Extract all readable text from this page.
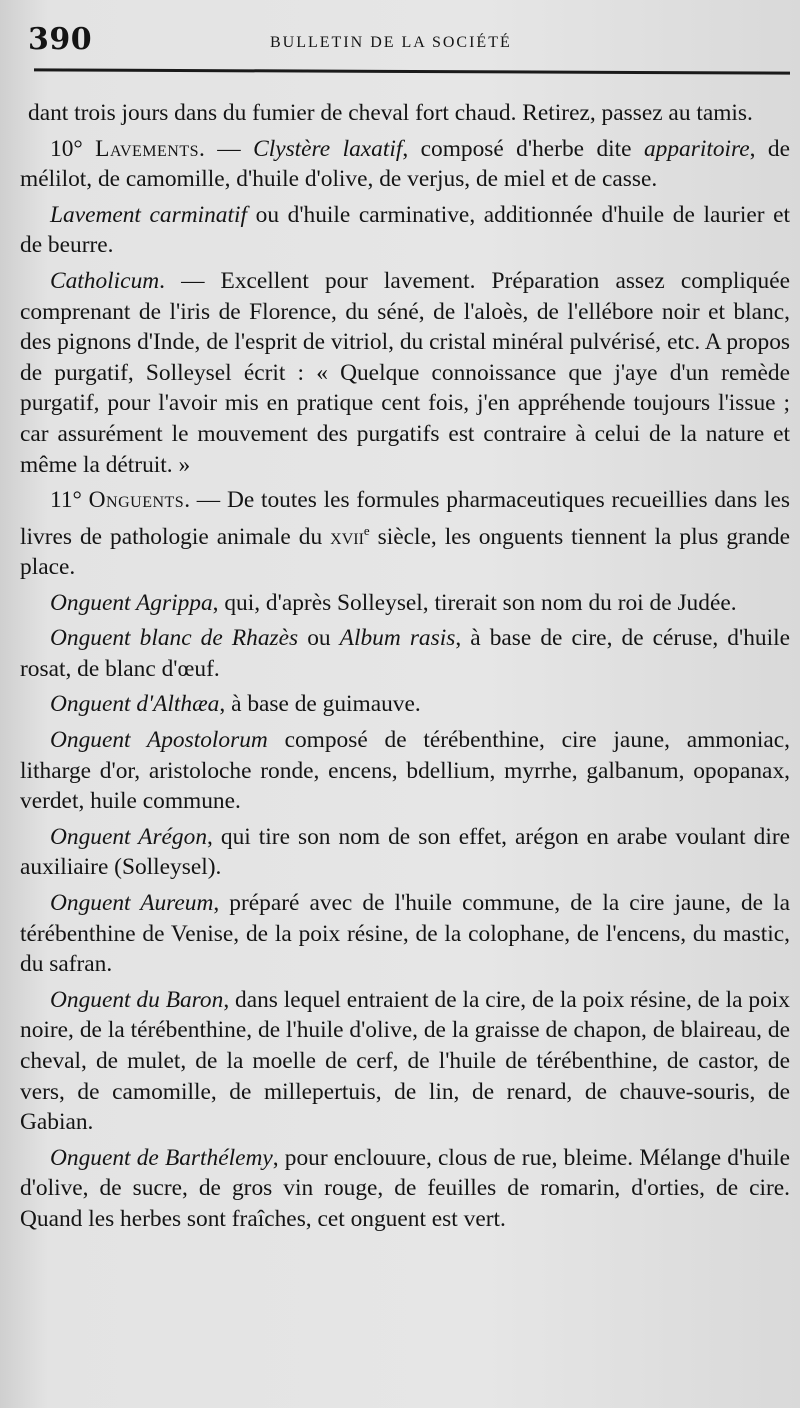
390	BULLETIN DE LA SOCIÉTÉ

dant trois jours dans du fumier de cheval fort chaud. Retirez, passez au tamis.

10° Lavements. — Clystère laxatif, composé d'herbe dite apparitoire, de mélilot, de camomille, d'huile d'olive, de verjus, de miel et de casse.

Lavement carminatif ou d'huile carminative, additionnée d'huile de laurier et de beurre.

Catholicum. — Excellent pour lavement. Préparation assez compliquée comprenant de l'iris de Florence, du séné, de l'aloès, de l'ellébore noir et blanc, des pignons d'Inde, de l'esprit de vitriol, du cristal minéral pulvérisé, etc. A propos de purgatif, Solleysel écrit : « Quelque connoissance que j'aye d'un remède purgatif, pour l'avoir mis en pratique cent fois, j'en appréhende toujours l'issue ; car assurément le mouvement des purgatifs est contraire à celui de la nature et même la détruit. »

11° Onguents. — De toutes les formules pharmaceutiques recueillies dans les livres de pathologie animale du xvii$^e$ siècle, les onguents tiennent la plus grande place.

Onguent Agrippa, qui, d'après Solleysel, tirerait son nom du roi de Judée.

Onguent blanc de Rhazès ou Album rasis, à base de cire, de céruse, d'huile rosat, de blanc d'œuf.

Onguent d'Althæa, à base de guimauve.

Onguent Apostolorum composé de térébenthine, cire jaune, ammoniac, litharge d'or, aristoloche ronde, encens, bdellium, myrrhe, galbanum, opopanax, verdet, huile commune.

Onguent Arégon, qui tire son nom de son effet, arégon en arabe voulant dire auxiliaire (Solleysel).

Onguent Aureum, préparé avec de l'huile commune, de la cire jaune, de la térébenthine de Venise, de la poix résine, de la colophane, de l'encens, du mastic, du safran.

Onguent du Baron, dans lequel entraient de la cire, de la poix résine, de la poix noire, de la térébenthine, de l'huile d'olive, de la graisse de chapon, de blaireau, de cheval, de mulet, de la moelle de cerf, de l'huile de térébenthine, de castor, de vers, de camomille, de millepertuis, de lin, de renard, de chauve-souris, de Gabian.

Onguent de Barthélemy, pour enclouure, clous de rue, bleime. Mélange d'huile d'olive, de sucre, de gros vin rouge, de feuilles de romarin, d'orties, de cire. Quand les herbes sont fraîches, cet onguent est vert.
